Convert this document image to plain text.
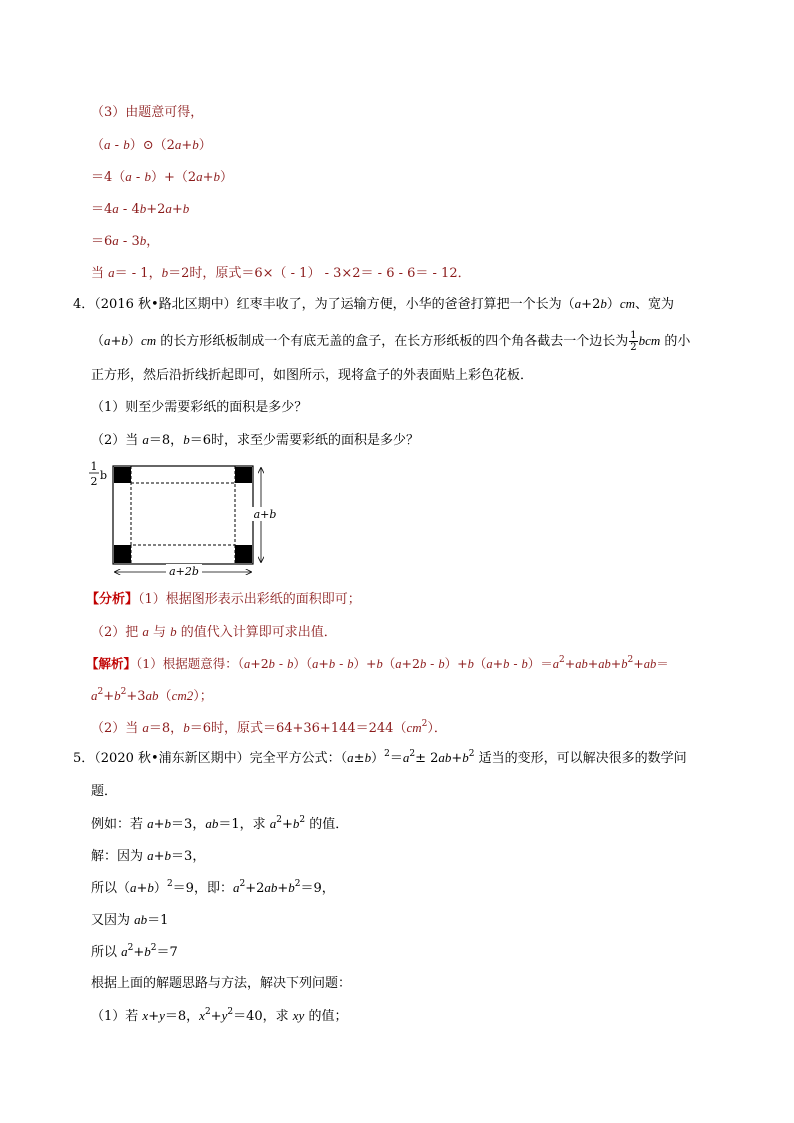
（3）由题意可得，
（a - b）⊙（2a+b）
＝4（a - b）+（2a+b）
＝4a - 4b+2a+b
＝6a - 3b，
当 a＝ - 1，b＝2时，原式＝6×（ - 1） - 3×2＝ - 6 - 6＝ - 12．
4．（2016 秋•路北区期中）红枣丰收了，为了运输方便，小华的爸爸打算把一个长为（a+2b）cm、宽为
（a+b）cm 的长方形纸板制成一个有底无盖的盒子，在长方形纸板的四个角各截去一个边长为 $\frac{1}{2}$ bcm 的小
正方形，然后沿折线折起即可，如图所示，现将盒子的外表面贴上彩色花板．
（1）则至少需要彩纸的面积是多少？
（2）当 a＝8，b＝6时，求至少需要彩纸的面积是多少？
1
2 b
a+b
a+2b
【分析】（1）根据图形表示出彩纸的面积即可；
（2）把 a 与 b 的值代入计算即可求出值．
【解析】（1）根据题意得：$(a+2b - b)(a+b - b)+b(a+2b - b)+b(a+b - b)=a^2+ab+ab+b^2+ab=$
$a^2+b^2+3ab(cm2)$；
（2）当 a＝8，b＝6时，原式$=64+36+144=244(cm^2)$．
5．（2020 秋•浦东新区期中）完全平方公式：$(a\pm b)^2=a^2\pm 2ab+b^2$ 适当的变形，可以解决很多的数学问
题．
例如：若 a+b＝3，ab＝1，求 $a^2+b^2$ 的值．
解：因为 a+b＝3，
所以$(a+b)^2=9$，即：$a^2+2ab+b^2=9$，
又因为 ab＝1
所以 $a^2+b^2=7$
根据上面的解题思路与方法，解决下列问题：
（1）若 x+y＝8，$x^2+y^2=40$，求 xy 的值；
